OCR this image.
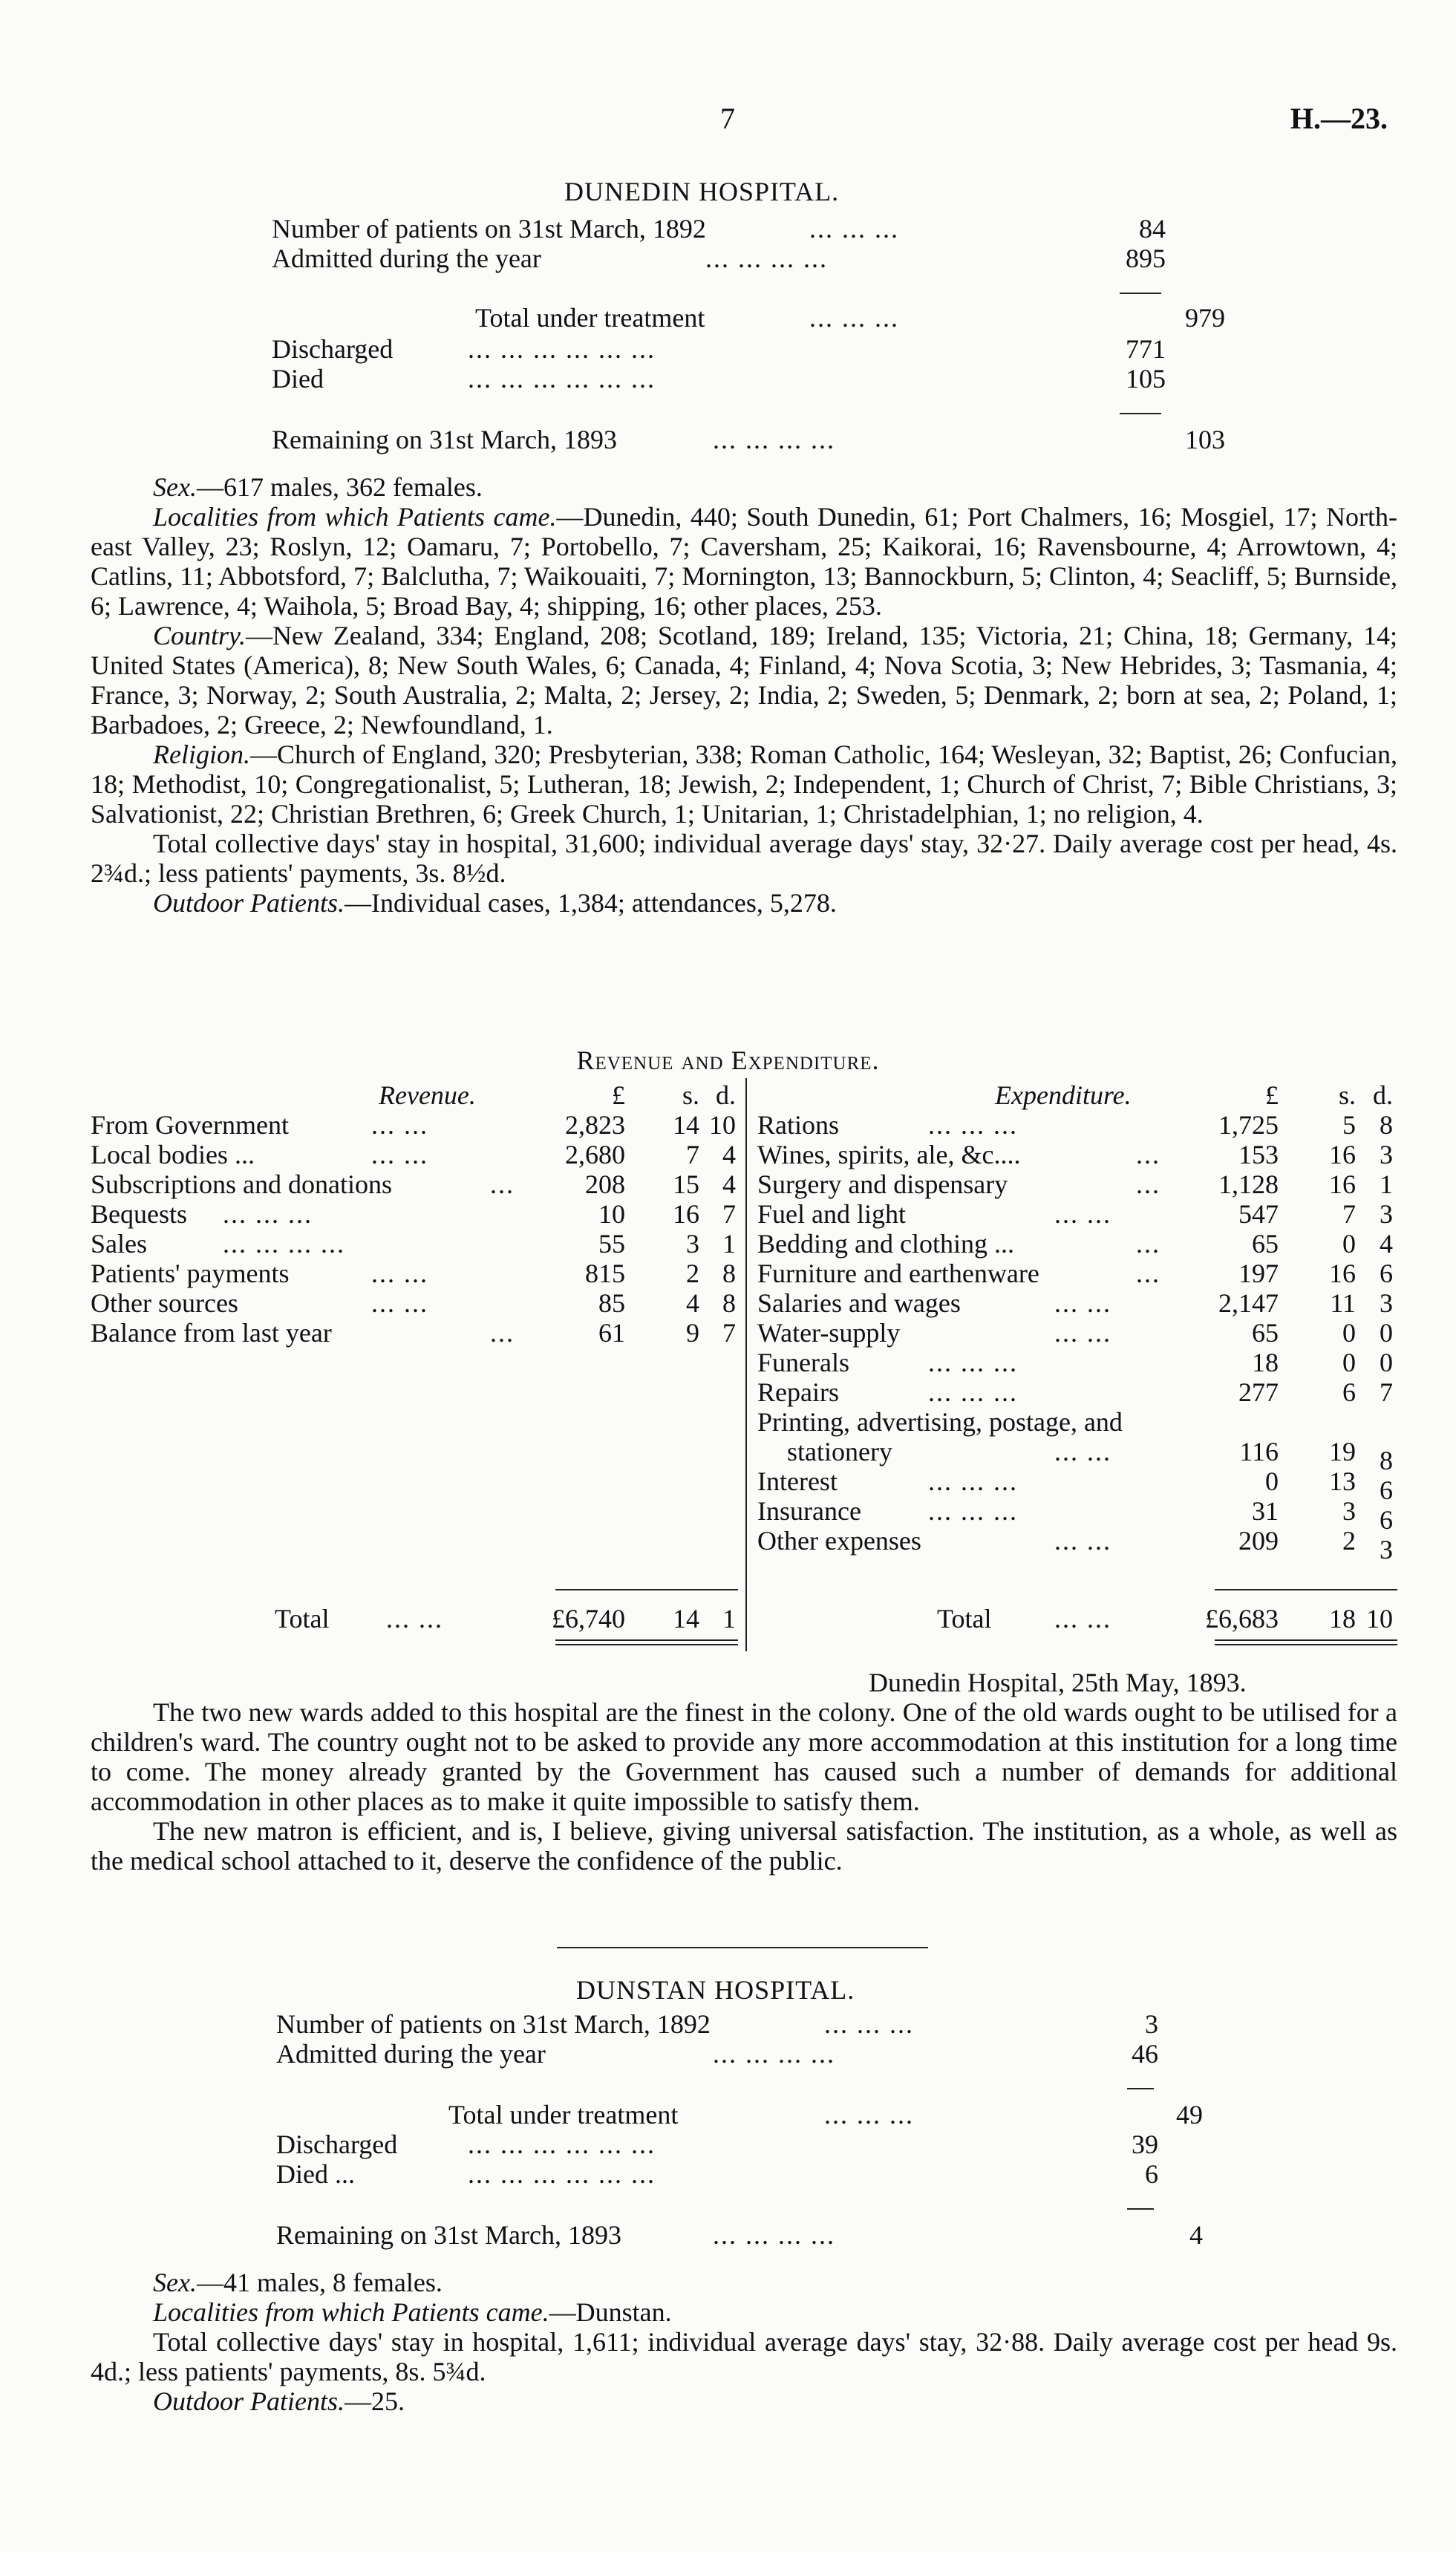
7	H.—23.
DUNEDIN HOSPITAL.
Number of patients on 31st March, 1892	... ... ...	84
Admitted during the year	... ... ... ...	895
Total under treatment	... ... ...	979
Discharged	... ... ... ... ... ...	771
Died	... ... ... ... ... ...	105
Remaining on 31st March, 1893	... ... ... ...	103

Sex.—617 males, 362 females.

Localities from which Patients came.—Dunedin, 440; South Dunedin, 61; Port Chalmers, 16; Mosgiel, 17; North-east Valley, 23; Roslyn, 12; Oamaru, 7; Portobello, 7; Caversham, 25; Kaikorai, 16; Ravensbourne, 4; Arrowtown, 4; Catlins, 11; Abbotsford, 7; Balclutha, 7; Waikouaiti, 7; Mornington, 13; Bannockburn, 5; Clinton, 4; Seacliff, 5; Burnside, 6; Lawrence, 4; Waihola, 5; Broad Bay, 4; shipping, 16; other places, 253.

Country.—New Zealand, 334; England, 208; Scotland, 189; Ireland, 135; Victoria, 21; China, 18; Germany, 14; United States (America), 8; New South Wales, 6; Canada, 4; Finland, 4; Nova Scotia, 3; New Hebrides, 3; Tasmania, 4; France, 3; Norway, 2; South Australia, 2; Malta, 2; Jersey, 2; India, 2; Sweden, 5; Denmark, 2; born at sea, 2; Poland, 1; Barbadoes, 2; Greece, 2; Newfoundland, 1.

Religion.—Church of England, 320; Presbyterian, 338; Roman Catholic, 164; Wesleyan, 32; Baptist, 26; Confucian, 18; Methodist, 10; Congregationalist, 5; Lutheran, 18; Jewish, 2; Independent, 1; Church of Christ, 7; Bible Christians, 3; Salvationist, 22; Christian Brethren, 6; Greek Church, 1; Unitarian, 1; Christadelphian, 1; no religion, 4.

Total collective days' stay in hospital, 31,600; individual average days' stay, 32·27. Daily average cost per head, 4s. 2¾d.; less patients' payments, 3s. 8½d.

Outdoor Patients.—Individual cases, 1,384; attendances, 5,278.

Revenue and Expenditure.
Revenue.	£	s. d.	Expenditure.	£	s. d.
From Government	... ...	2,823	14 10
Local bodies ...	... ...	2,680	7 4
Subscriptions and donations	...	208	15 4
Bequests ... ... ...	10	16 7
Sales	... ... ... ...	55	3 1
Patients' payments	... ...	815	2 8
Other sources	... ...	85	4 8
Balance from last year	...	61	9 7
Rations	... ... ...	1,725	5 8
Wines, spirits, ale, &c....	...	153	16 3
Surgery and dispensary	...	1,128	16 1
Fuel and light	... ...	547	7 3
Bedding and clothing ...	...	65	0 4
Furniture and earthenware	...	197	16 6
Salaries and wages	... ...	2,147	11 3
Water-supply	... ...	65	0 0
Funerals	... ... ...	18	0 0
Repairs	... ... ...	277	6 7
Printing, advertising, postage, and
stationery	... ...	116	19 8
Interest	... ... ...	0	13 6
Insurance	... ... ...	31	3 6
Other expenses	... ...	209	2 3
Total ... ...	£6,740	14 1	Total ... ...	£6,683	18 10
Dunedin Hospital, 25th May, 1893.

The two new wards added to this hospital are the finest in the colony. One of the old wards ought to be utilised for a children's ward. The country ought not to be asked to provide any more accommodation at this institution for a long time to come. The money already granted by the Government has caused such a number of demands for additional accommodation in other places as to make it quite impossible to satisfy them.

The new matron is efficient, and is, I believe, giving universal satisfaction. The institution, as a whole, as well as the medical school attached to it, deserve the confidence of the public.

DUNSTAN HOSPITAL.
Number of patients on 31st March, 1892	... ... ...	3
Admitted during the year	... ... ... ...	46
Total under treatment	... ... ...	49
Discharged	... ... ... ... ... ...	39
Died ...	... ... ... ... ... ...	6
Remaining on 31st March, 1893	... ... ... ...	4

Sex.—41 males, 8 females.

Localities from which Patients came.—Dunstan.

Total collective days' stay in hospital, 1,611; individual average days' stay, 32·88. Daily average cost per head 9s. 4d.; less patients' payments, 8s. 5¾d.

Outdoor Patients.—25.
